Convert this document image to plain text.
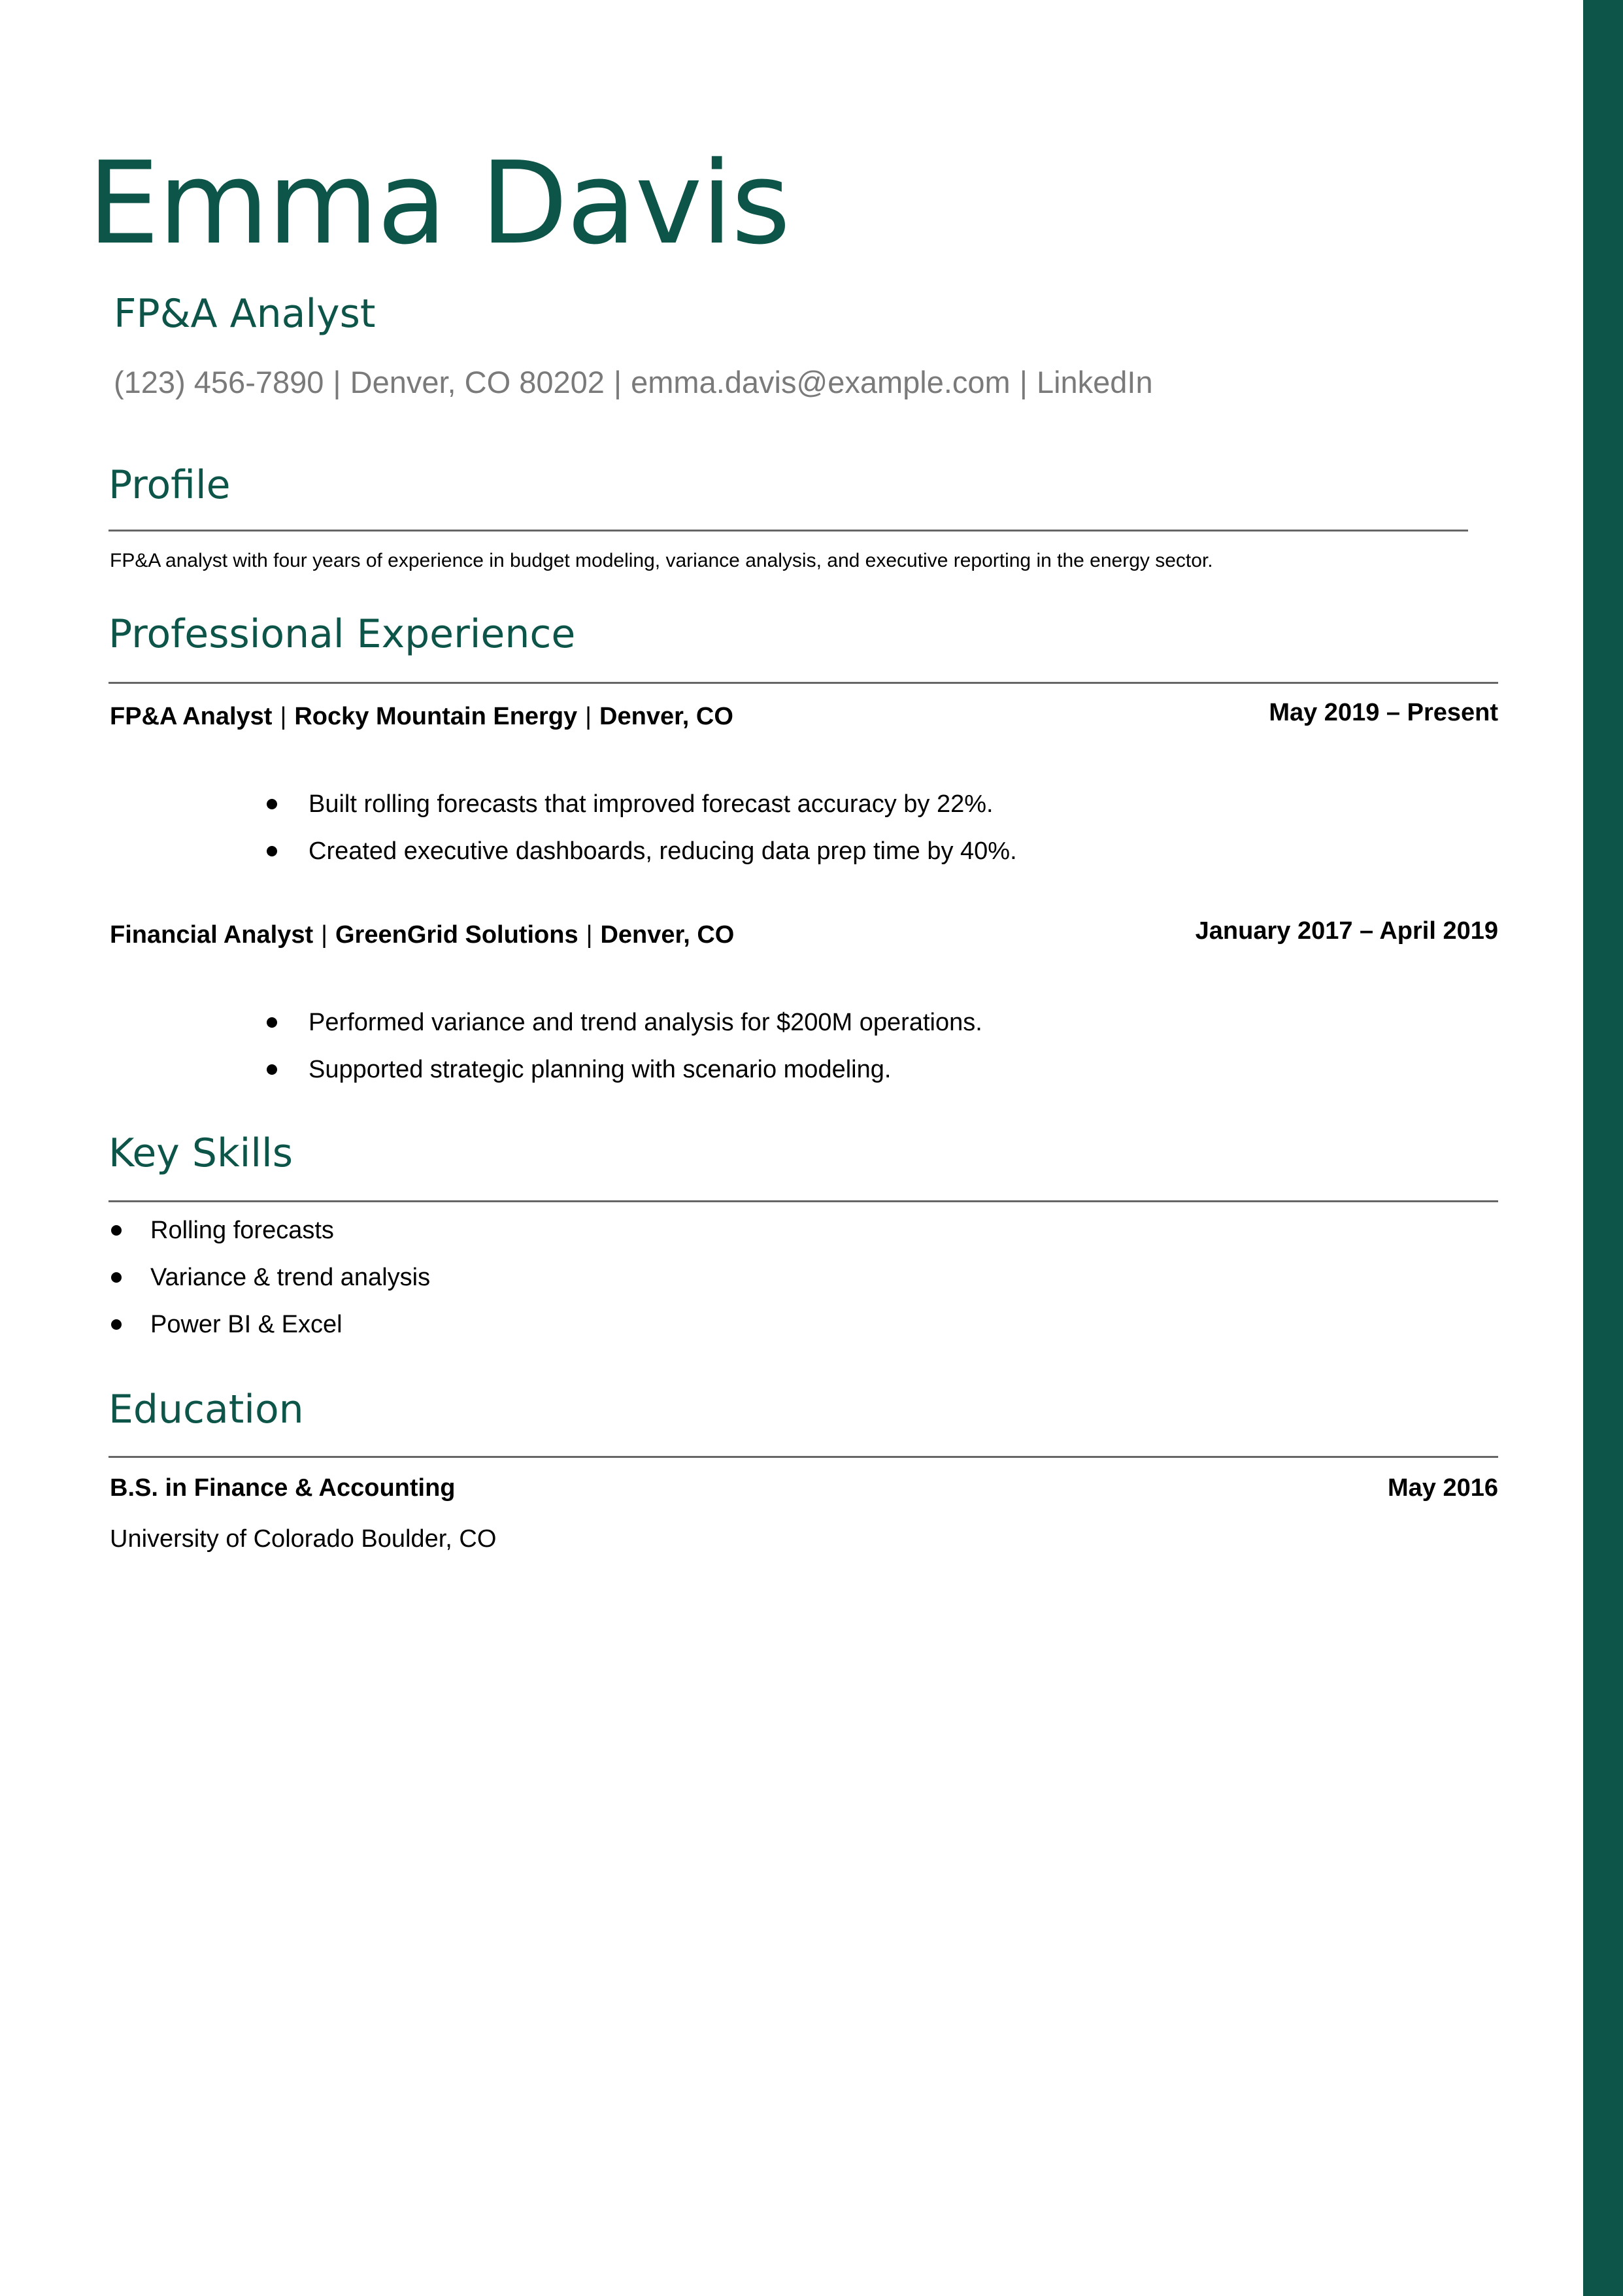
Emma Davis
FP&A Analyst
(123) 456-7890 | Denver, CO 80202 | emma.davis@example.com | LinkedIn
Profile
FP&A analyst with four years of experience in budget modeling, variance analysis, and executive reporting in the energy sector.
Professional Experience
FP&A Analyst | Rocky Mountain Energy | Denver, CO	May 2019 – Present
Built rolling forecasts that improved forecast accuracy by 22%.
Created executive dashboards, reducing data prep time by 40%.
Financial Analyst | GreenGrid Solutions | Denver, CO	January 2017 – April 2019
Performed variance and trend analysis for $200M operations.
Supported strategic planning with scenario modeling.
Key Skills
Rolling forecasts
Variance & trend analysis
Power BI & Excel
Education
B.S. in Finance & Accounting	May 2016
University of Colorado Boulder, CO
